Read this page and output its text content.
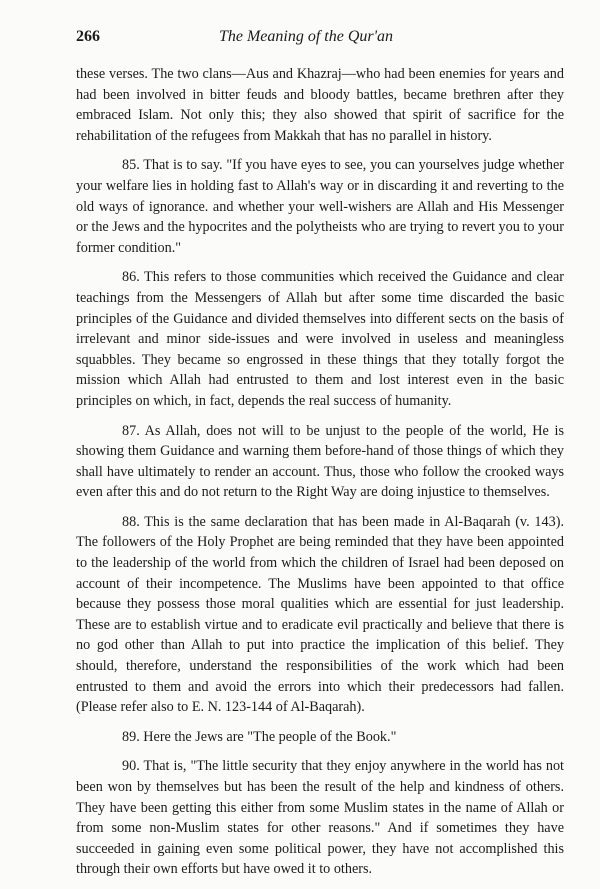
266	The Meaning of the Qur'an

these verses. The two clans—Aus and Khazraj—who had been enemies for years and had been involved in bitter feuds and bloody battles, became brethren after they embraced Islam. Not only this; they also showed that spirit of sacrifice for the rehabilitation of the refugees from Makkah that has no parallel in history.

85. That is to say. "If you have eyes to see, you can yourselves judge whether your welfare lies in holding fast to Allah's way or in discarding it and reverting to the old ways of ignorance. and whether your well-wishers are Allah and His Messenger or the Jews and the hypocrites and the polytheists who are trying to revert you to your former condition."

86. This refers to those communities which received the Guidance and clear teachings from the Messengers of Allah but after some time discarded the basic principles of the Guidance and divided themselves into different sects on the basis of irrelevant and minor side-issues and were involved in useless and meaningless squabbles. They became so engrossed in these things that they totally forgot the mission which Allah had entrusted to them and lost interest even in the basic principles on which, in fact, depends the real success of humanity.

87. As Allah, does not will to be unjust to the people of the world, He is showing them Guidance and warning them before-hand of those things of which they shall have ultimately to render an account. Thus, those who follow the crooked ways even after this and do not return to the Right Way are doing injustice to themselves.

88. This is the same declaration that has been made in Al-Baqarah (v. 143). The followers of the Holy Prophet are being reminded that they have been appointed to the leadership of the world from which the children of Israel had been deposed on account of their incompetence. The Muslims have been appointed to that office because they possess those moral qualities which are essential for just leadership. These are to establish virtue and to eradicate evil practically and believe that there is no god other than Allah to put into practice the implication of this belief. They should, therefore, understand the responsibilities of the work which had been entrusted to them and avoid the errors into which their predecessors had fallen. (Please refer also to E. N. 123-144 of Al-Baqarah).

89. Here the Jews are "The people of the Book."

90. That is, "The little security that they enjoy anywhere in the world has not been won by themselves but has been the result of the help and kindness of others. They have been getting this either from some Muslim states in the name of Allah or from some non-Muslim states for other reasons." And if sometimes they have succeeded in gaining even some political power, they have not accomplished this through their own efforts but have owed it to others.
